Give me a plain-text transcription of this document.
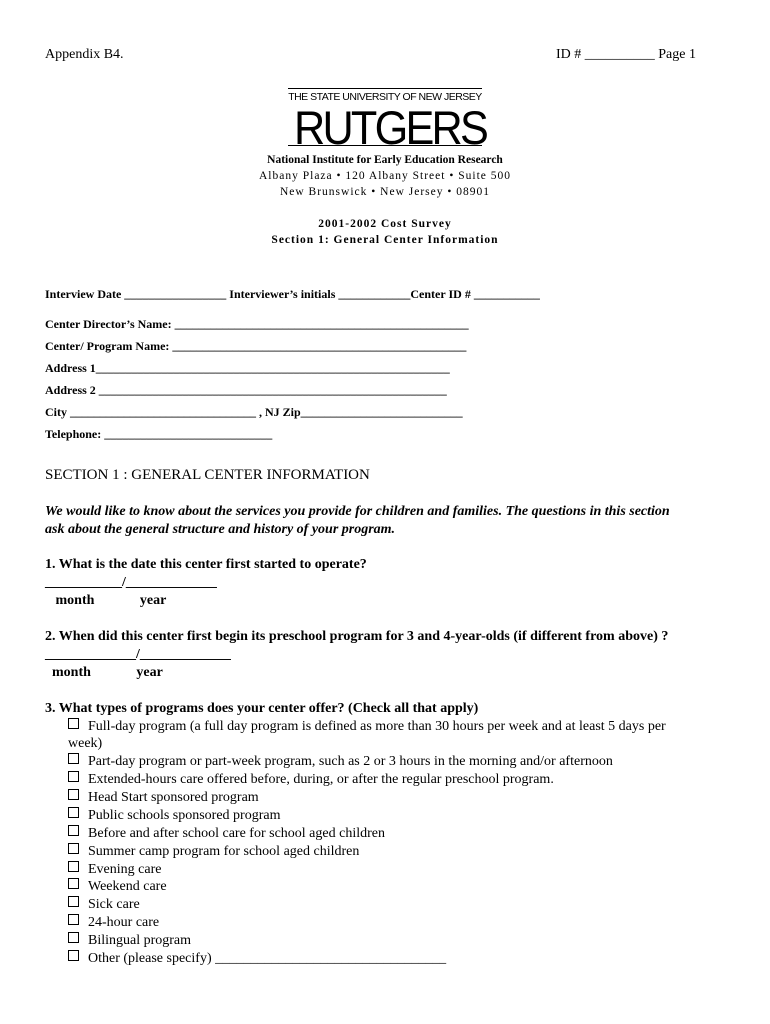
Appendix B4.	ID # __________ Page 1
THE STATE UNIVERSITY OF NEW JERSEY
RUTGERS
National Institute for Early Education Research
Albany Plaza • 120 Albany Street • Suite 500
New Brunswick • New Jersey • 08901
2001-2002 Cost Survey
Section 1: General Center Information
Interview Date _________________ Interviewer’s initials ____________Center ID # ___________
Center Director’s Name: _________________________________________________
Center/ Program Name: _________________________________________________
Address 1___________________________________________________________
Address 2 __________________________________________________________
City _______________________________ , NJ Zip___________________________
Telephone: ____________________________
SECTION 1 : GENERAL CENTER INFORMATION
We would like to know about the services you provide for children and families. The questions in this section
ask about the general structure and history of your program.
1. What is the date this center first started to operate?
___________/_____________
month             year
2. When did this center first begin its preschool program for 3 and 4-year-olds (if different from above) ?
_____________/_____________
month             year
3. What types of programs does your center offer? (Check all that apply)
Full-day program (a full day program is defined as more than 30 hours per week and at least 5 days per
week)
Part-day program or part-week program, such as 2 or 3 hours in the morning and/or afternoon
Extended-hours care offered before, during, or after the regular preschool program.
Head Start sponsored program
Public schools sponsored program
Before and after school care for school aged children
Summer camp program for school aged children
Evening care
Weekend care
Sick care
24-hour care
Bilingual program
Other (please specify) _________________________________
